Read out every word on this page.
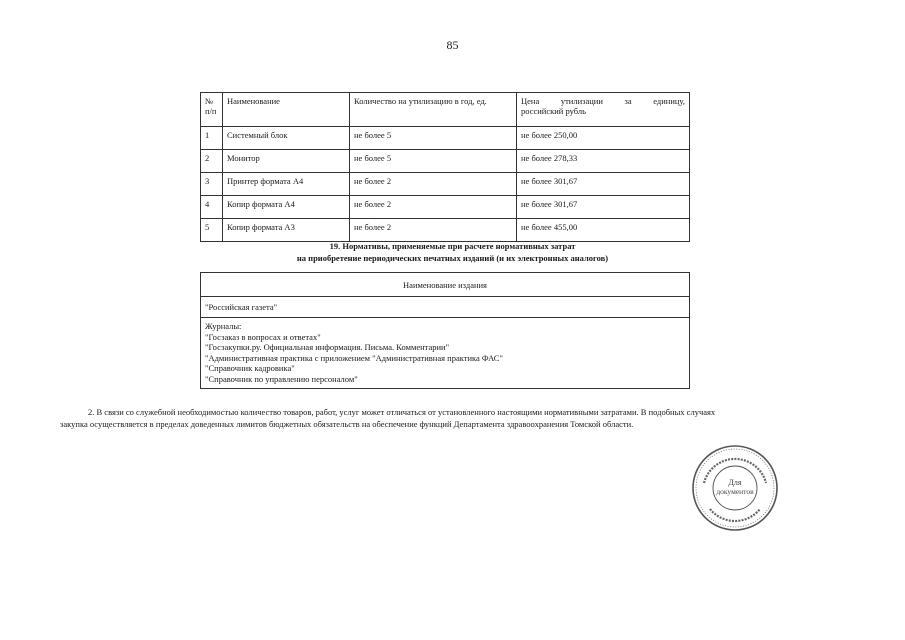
85
№ п/п	Наименование	Количество на утилизацию в год, ед.	Цена утилизации за единицу,
российский рубль

1	Системный блок	не более 5	не более 250,00
2	Монитор	не более 5	не более 278,33
3	Принтер формата А4	не более 2	не более 301,67
4	Копир формата А4	не более 2	не более 301,67
5	Копир формата А3	не более 2	не более 455,00
19. Нормативы, применяемые при расчете нормативных затрат
на приобретение периодических печатных изданий (и их электронных аналогов)
Наименование издания
"Российская газета"

Журналы:
"Госзаказ в вопросах и ответах"
"Госзакупки.ру. Официальная информация. Письма. Комментарии"
"Административная практика с приложением "Административная практика ФАС"
"Справочник кадровика"
"Справочник по управлению персоналом"
2. В связи со служебной необходимостью количество товаров, работ, услуг может отличаться от установленного настоящими нормативными затратами. В подобных случаях
закупка осуществляется в пределах доведенных лимитов бюджетных обязательств на обеспечение функций Департамента здравоохранения Томской области.
Для
документов
